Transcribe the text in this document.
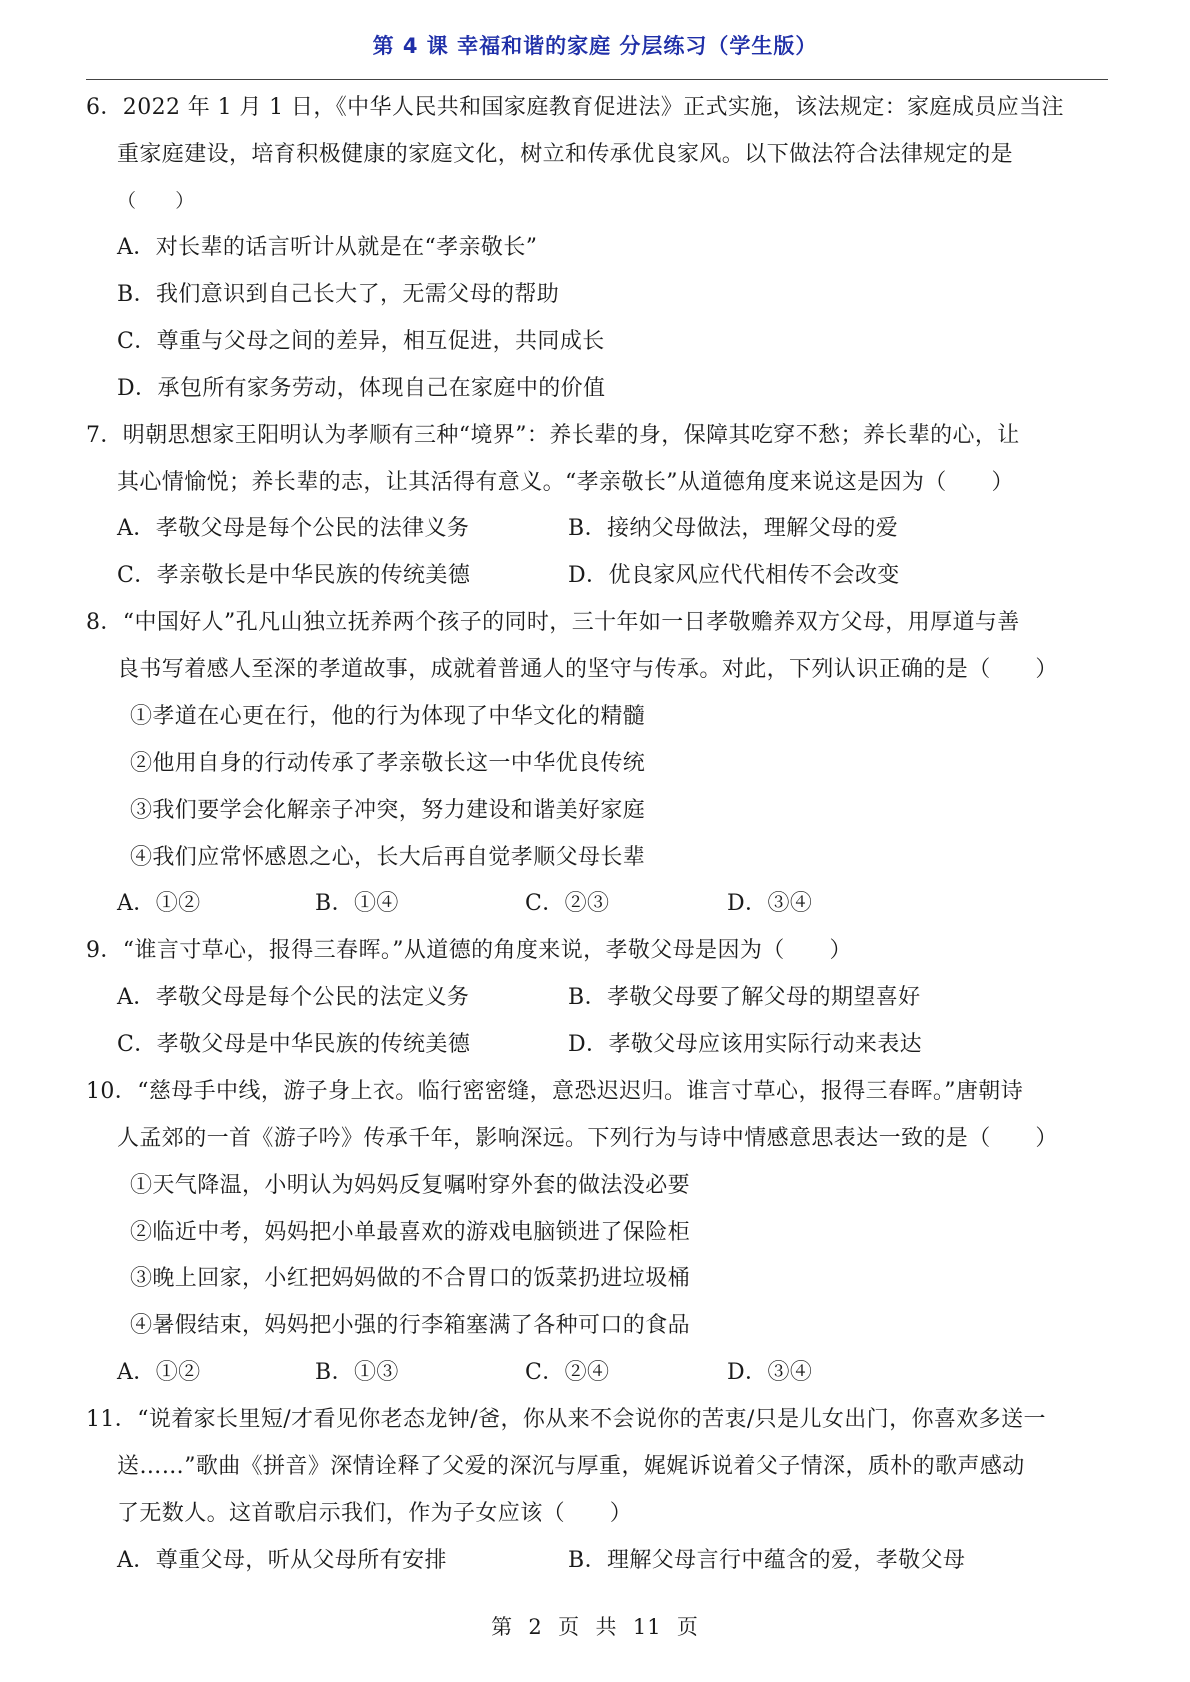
第 4 课 幸福和谐的家庭 分层练习（学生版）
6．2022 年 1 月 1 日，《中华人民共和国家庭教育促进法》正式实施，该法规定：家庭成员应当注
重家庭建设，培育积极健康的家庭文化，树立和传承优良家风。以下做法符合法律规定的是
（　　）
A．对长辈的话言听计从就是在“孝亲敬长”
B．我们意识到自己长大了，无需父母的帮助
C．尊重与父母之间的差异，相互促进，共同成长
D．承包所有家务劳动，体现自己在家庭中的价值
7．明朝思想家王阳明认为孝顺有三种“境界”：养长辈的身，保障其吃穿不愁；养长辈的心，让
其心情愉悦；养长辈的志，让其活得有意义。“孝亲敬长”从道德角度来说这是因为（　　）
A．孝敬父母是每个公民的法律义务	B．接纳父母做法，理解父母的爱
C．孝亲敬长是中华民族的传统美德	D．优良家风应代代相传不会改变
8．“中国好人”孔凡山独立抚养两个孩子的同时，三十年如一日孝敬赡养双方父母，用厚道与善
良书写着感人至深的孝道故事，成就着普通人的坚守与传承。对此，下列认识正确的是（　　）
①孝道在心更在行，他的行为体现了中华文化的精髓
②他用自身的行动传承了孝亲敬长这一中华优良传统
③我们要学会化解亲子冲突，努力建设和谐美好家庭
④我们应常怀感恩之心，长大后再自觉孝顺父母长辈
A．①②	B．①④	C．②③	D．③④
9．“谁言寸草心，报得三春晖。”从道德的角度来说，孝敬父母是因为（　　）
A．孝敬父母是每个公民的法定义务	B．孝敬父母要了解父母的期望喜好
C．孝敬父母是中华民族的传统美德	D．孝敬父母应该用实际行动来表达
10．“慈母手中线，游子身上衣。临行密密缝，意恐迟迟归。谁言寸草心，报得三春晖。”唐朝诗
人孟郊的一首《游子吟》传承千年，影响深远。下列行为与诗中情感意思表达一致的是（　　）
①天气降温，小明认为妈妈反复嘱咐穿外套的做法没必要
②临近中考，妈妈把小单最喜欢的游戏电脑锁进了保险柜
③晚上回家，小红把妈妈做的不合胃口的饭菜扔进垃圾桶
④暑假结束，妈妈把小强的行李箱塞满了各种可口的食品
A．①②	B．①③	C．②④	D．③④
11．“说着家长里短/才看见你老态龙钟/爸，你从来不会说你的苦衷/只是儿女出门，你喜欢多送一
送……”歌曲《拼音》深情诠释了父爱的深沉与厚重，娓娓诉说着父子情深，质朴的歌声感动
了无数人。这首歌启示我们，作为子女应该（　　）
A．尊重父母，听从父母所有安排	B．理解父母言行中蕴含的爱，孝敬父母
第  2  页  共  11  页
